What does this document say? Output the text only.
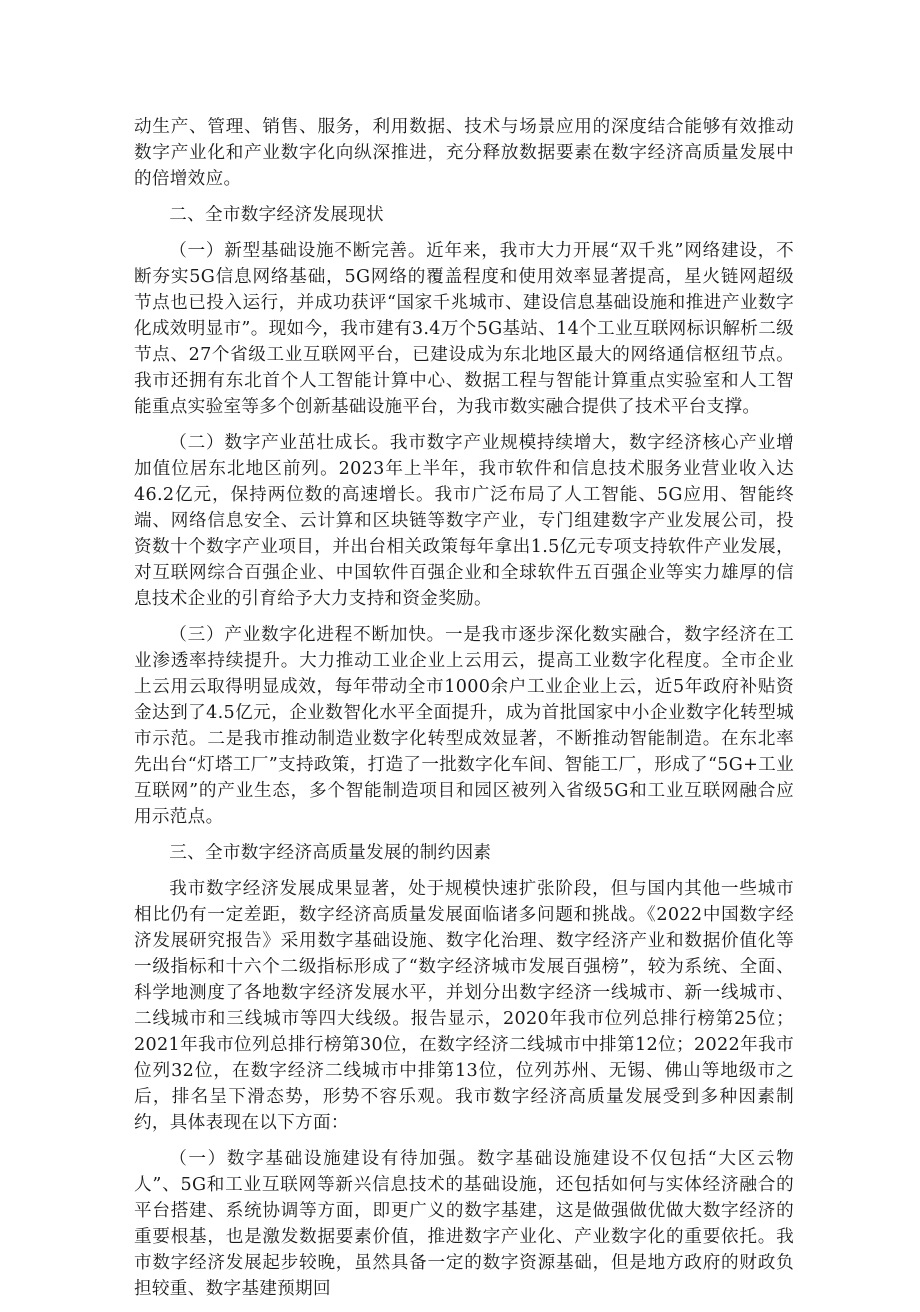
动生产、管理、销售、服务，利用数据、技术与场景应用的深度结合能够有效推动数字产业化和产业数字化向纵深推进，充分释放数据要素在数字经济高质量发展中的倍增效应。

二、全市数字经济发展现状

（一）新型基础设施不断完善。近年来，我市大力开展“双千兆”网络建设，不断夯实5G信息网络基础，5G网络的覆盖程度和使用效率显著提高，星火链网超级节点也已投入运行，并成功获评“国家千兆城市、建设信息基础设施和推进产业数字化成效明显市”。现如今，我市建有3.4万个5G基站、14个工业互联网标识解析二级节点、27个省级工业互联网平台，已建设成为东北地区最大的网络通信枢纽节点。我市还拥有东北首个人工智能计算中心、数据工程与智能计算重点实验室和人工智能重点实验室等多个创新基础设施平台，为我市数实融合提供了技术平台支撑。

（二）数字产业茁壮成长。我市数字产业规模持续增大，数字经济核心产业增加值位居东北地区前列。2023年上半年，我市软件和信息技术服务业营业收入达46.2亿元，保持两位数的高速增长。我市广泛布局了人工智能、5G应用、智能终端、网络信息安全、云计算和区块链等数字产业，专门组建数字产业发展公司，投资数十个数字产业项目，并出台相关政策每年拿出1.5亿元专项支持软件产业发展，对互联网综合百强企业、中国软件百强企业和全球软件五百强企业等实力雄厚的信息技术企业的引育给予大力支持和资金奖励。

（三）产业数字化进程不断加快。一是我市逐步深化数实融合，数字经济在工业渗透率持续提升。大力推动工业企业上云用云，提高工业数字化程度。全市企业上云用云取得明显成效，每年带动全市1000余户工业企业上云，近5年政府补贴资金达到了4.5亿元，企业数智化水平全面提升，成为首批国家中小企业数字化转型城市示范。二是我市推动制造业数字化转型成效显著，不断推动智能制造。在东北率先出台“灯塔工厂”支持政策，打造了一批数字化车间、智能工厂，形成了“5G+工业互联网”的产业生态，多个智能制造项目和园区被列入省级5G和工业互联网融合应用示范点。

三、全市数字经济高质量发展的制约因素

我市数字经济发展成果显著，处于规模快速扩张阶段，但与国内其他一些城市相比仍有一定差距，数字经济高质量发展面临诸多问题和挑战。《2022中国数字经济发展研究报告》采用数字基础设施、数字化治理、数字经济产业和数据价值化等一级指标和十六个二级指标形成了“数字经济城市发展百强榜”，较为系统、全面、科学地测度了各地数字经济发展水平，并划分出数字经济一线城市、新一线城市、二线城市和三线城市等四大线级。报告显示，2020年我市位列总排行榜第25位；2021年我市位列总排行榜第30位，在数字经济二线城市中排第12位；2022年我市位列32位，在数字经济二线城市中排第13位，位列苏州、无锡、佛山等地级市之后，排名呈下滑态势，形势不容乐观。我市数字经济高质量发展受到多种因素制约，具体表现在以下方面：

（一）数字基础设施建设有待加强。数字基础设施建设不仅包括“大区云物人”、5G和工业互联网等新兴信息技术的基础设施，还包括如何与实体经济融合的平台搭建、系统协调等方面，即更广义的数字基建，这是做强做优做大数字经济的重要根基，也是激发数据要素价值，推进数字产业化、产业数字化的重要依托。我市数字经济发展起步较晚，虽然具备一定的数字资源基础，但是地方政府的财政负担较重、数字基建预期回
